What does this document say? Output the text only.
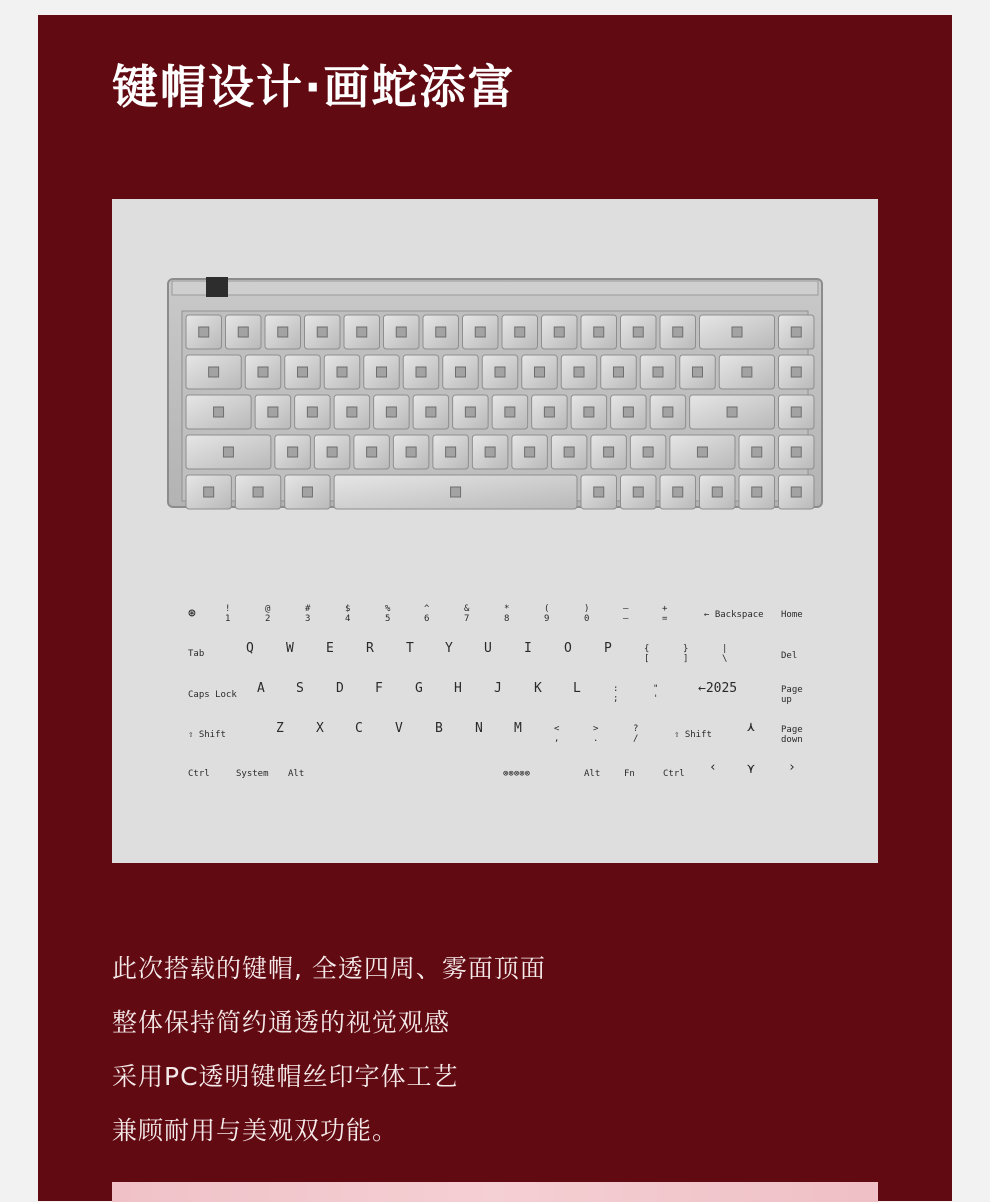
键帽设计·画蛇添富
⊛	!
1
@
2
#
3
$
4
%
5
^
6
&
7
*
8
(
9
)
0
—
–
+
=	← Backspace Home
Tab	Q W E R T Y U I O P	{
[
}
]
|
\	Del
Caps Lock A S D F G H J K L	:
;
"
'
←2025	Page
up
⇧ Shift	Z X C V B N M	<
,
>
.
?
/	⇧ Shift	⋏	Page
down
Ctrl	System Alt	⊗⊗⊗⊗⊗	Alt	Fn	Ctrl ‹ ⋎	›
此次搭载的键帽, 全透四周、雾面顶面
整体保持简约通透的视觉观感
采用PC透明键帽丝印字体工艺
兼顾耐用与美观双功能。
